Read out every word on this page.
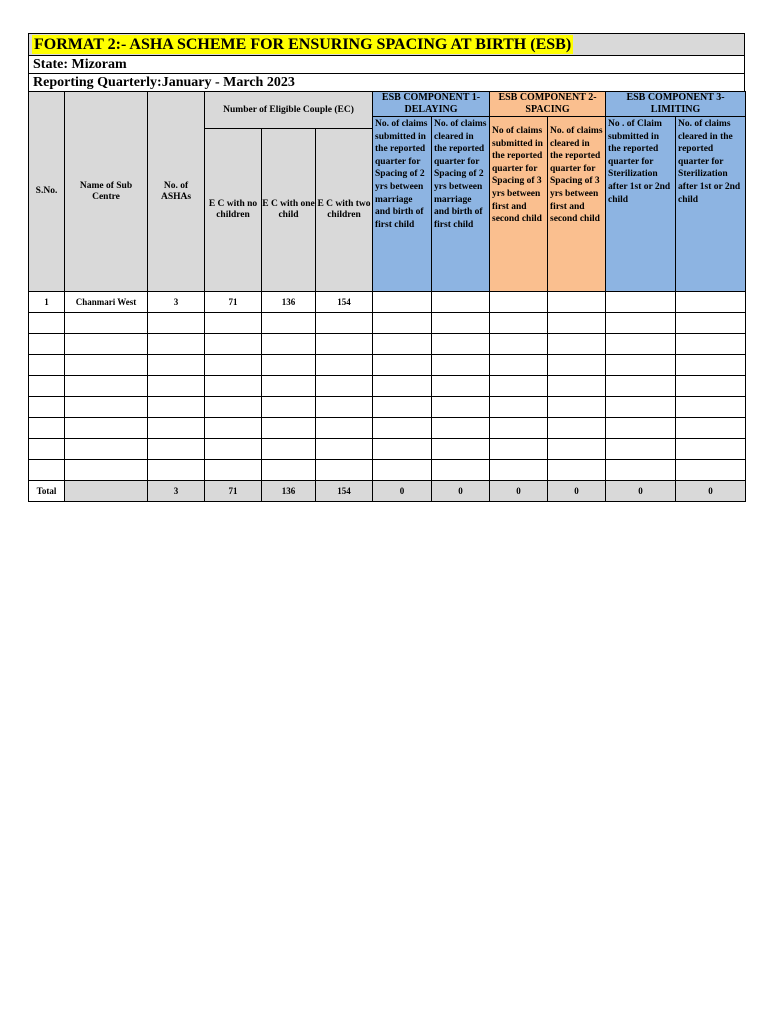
FORMAT 2:- ASHA SCHEME FOR ENSURING SPACING AT BIRTH (ESB)
State: Mizoram
Reporting Quarterly:January - March 2023
S.No.	Name of Sub Centre	No. of ASHAs	Number of Eligible Couple (EC)			ESB COMPONENT 1- DELAYING		ESB COMPONENT 2- SPACING		ESB COMPONENT 3- LIMITING	
						No. of claims submitted in the reported quarter for Spacing of 2 yrs between marriage and birth of first child	No. of claims cleared in the reported quarter for Spacing of 2 yrs between marriage and birth of first child	No of claims submitted in the reported quarter for Spacing of 3 yrs between first and second child	No. of claims cleared in the reported quarter for Spacing of 3 yrs between first and second child	No . of Claim submitted in the reported quarter for Sterilization after 1st or 2nd child	No. of claims cleared in the reported quarter for Sterilization after 1st or 2nd child
			E C with no children	E C with one child	E C with two children						
1	Chanmari West	3	71	136	154						

Total		3	71	136	154	0	0	0	0	0	0
